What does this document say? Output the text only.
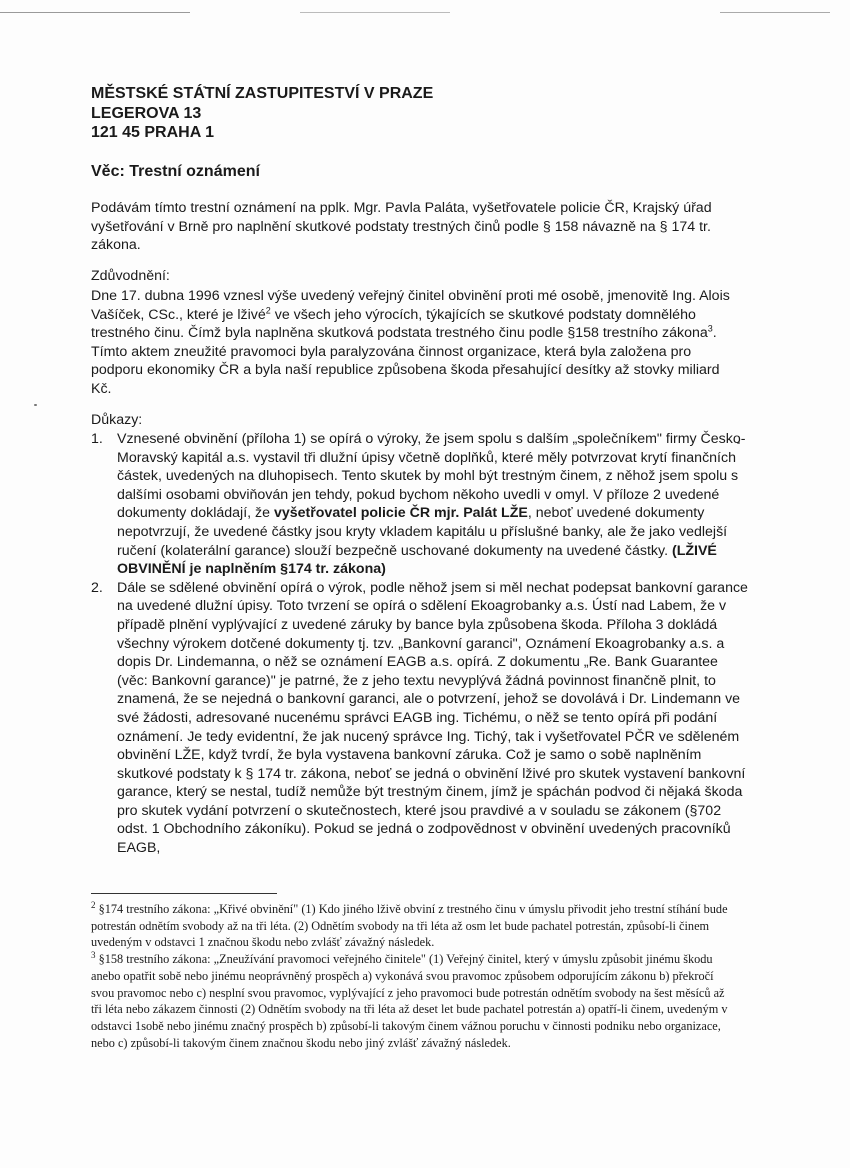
MĚSTSKÉ STÁTNÍ ZASTUPITESTVÍ V PRAZE
LEGEROVA 13
121 45 PRAHA 1
Věc: Trestní oznámení
Podávám tímto trestní oznámení na pplk. Mgr. Pavla Paláta, vyšetřovatele policie ČR, Krajský úřad vyšetřování v Brně pro naplnění skutkové podstaty trestných činů podle § 158 návazně na § 174 tr. zákona.
Zdůvodnění:
Dne 17. dubna 1996 vznesl výše uvedený veřejný činitel obvinění proti mé osobě, jmenovitě Ing. Alois Vašíček, CSc., které je lživé$^2$ ve všech jeho výrocích, týkajících se skutkové podstaty domnělého trestného činu. Čímž byla naplněna skutková podstata trestného činu podle §158 trestního zákona$^3$. Tímto aktem zneužité pravomoci byla paralyzována činnost organizace, která byla založena pro podporu ekonomiky ČR a byla naší republice způsobena škoda přesahující desítky až stovky miliard Kč.
Důkazy:
1. Vznesené obvinění (příloha 1) se opírá o výroky, že jsem spolu s dalším „společníkem" firmy Česko-Moravský kapitál a.s. vystavil tři dlužní úpisy včetně doplňků, které měly potvrzovat krytí finančních částek, uvedených na dluhopisech. Tento skutek by mohl být trestným činem, z něhož jsem spolu s dalšími osobami obviňován jen tehdy, pokud bychom někoho uvedli v omyl. V příloze 2 uvedené dokumenty dokládají, že vyšetřovatel policie ČR mjr. Palát LŽE, neboť uvedené dokumenty nepotvrzují, že uvedené částky jsou kryty vkladem kapitálu u příslušné banky, ale že jako vedlejší ručení (kolaterální garance) slouží bezpečně uschované dokumenty na uvedené částky. (LŽIVÉ OBVINĚNÍ je naplněním §174 tr. zákona)
2. Dále se sdělené obvinění opírá o výrok, podle něhož jsem si měl nechat podepsat bankovní garance na uvedené dlužní úpisy. Toto tvrzení se opírá o sdělení Ekoagrobanky a.s. Ústí nad Labem, že v případě plnění vyplývající z uvedené záruky by bance byla způsobena škoda. Příloha 3 dokládá všechny výrokem dotčené dokumenty tj. tzv. „Bankovní garanci", Oznámení Ekoagrobanky a.s. a dopis Dr. Lindemanna, o něž se oznámení EAGB a.s. opírá. Z dokumentu „Re. Bank Guarantee (věc: Bankovní garance)" je patrné, že z jeho textu nevyplývá žádná povinnost finančně plnit, to znamená, že se nejedná o bankovní garanci, ale o potvrzení, jehož se dovolává i Dr. Lindemann ve své žádosti, adresované nucenému správci EAGB ing. Tichému, o něž se tento opírá při podání oznámení. Je tedy evidentní, že jak nucený správce Ing. Tichý, tak i vyšetřovatel PČR ve sděleném obvinění LŽE, když tvrdí, že byla vystavena bankovní záruka. Což je samo o sobě naplněním skutkové podstaty k § 174 tr. zákona, neboť se jedná o obvinění lživé pro skutek vystavení bankovní garance, který se nestal, tudíž nemůže být trestným činem, jímž je spáchán podvod či nějaká škoda pro skutek vydání potvrzení o skutečnostech, které jsou pravdivé a v souladu se zákonem (§702 odst. 1 Obchodního zákoníku). Pokud se jedná o zodpovědnost v obvinění uvedených pracovníků EAGB,
$^2$ §174 trestního zákona: „Křivé obvinění" (1) Kdo jiného lživě obviní z trestného činu v úmyslu přivodit jeho trestní stíhání bude potrestán odnětím svobody až na tři léta. (2) Odnětím svobody na tři léta až osm let bude pachatel potrestán, způsobí-li činem uvedeným v odstavci 1 značnou škodu nebo zvlášť závažný následek.
$^3$ §158 trestního zákona: „Zneužívání pravomoci veřejného činitele" (1) Veřejný činitel, který v úmyslu způsobit jinému škodu anebo opatřit sobě nebo jinému neoprávněný prospěch a) vykonává svou pravomoc způsobem odporujícím zákonu b) překročí svou pravomoc nebo c) nesplní svou pravomoc, vyplývající z jeho pravomoci bude potrestán odnětím svobody na šest měsíců až tři léta nebo zákazem činnosti (2) Odnětím svobody na tři léta až deset let bude pachatel potrestán a) opatří-li činem, uvedeným v odstavci 1sobě nebo jinému značný prospěch b) způsobí-li takovým činem vážnou poruchu v činnosti podniku nebo organizace, nebo c) způsobí-li takovým činem značnou škodu nebo jiný zvlášť závažný následek.
